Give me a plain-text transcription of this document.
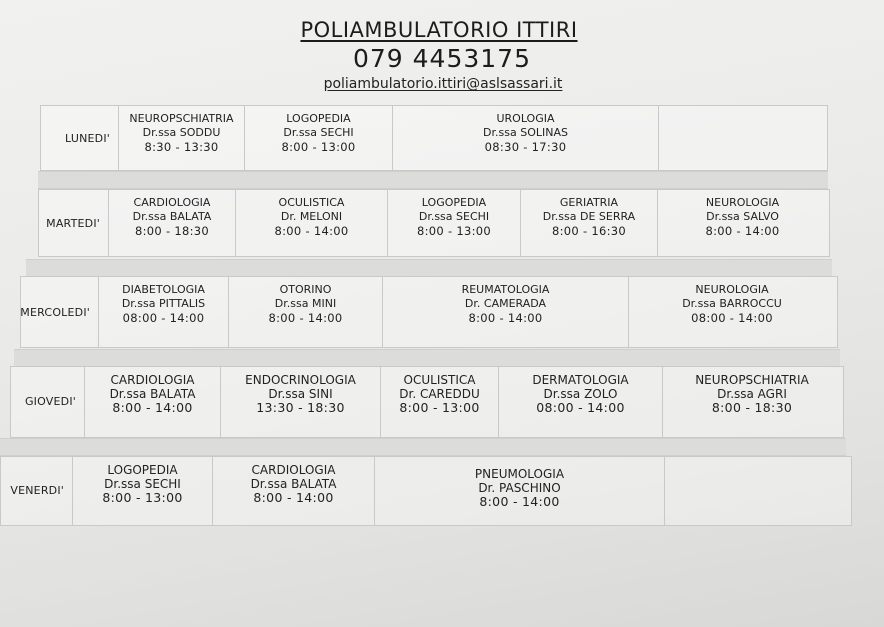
POLIAMBULATORIO ITTIRI
079 4453175
poliambulatorio.ittiri@aslsassari.it
LUNEDI'
NEUROPSCHIATRIA
Dr.ssa SODDU
8:30 - 13:30
LOGOPEDIA
Dr.ssa SECHI
8:00 - 13:00
UROLOGIA
Dr.ssa SOLINAS
08:30 - 17:30
MARTEDI'
CARDIOLOGIA
Dr.ssa BALATA
8:00 - 18:30
OCULISTICA
Dr. MELONI
8:00 - 14:00
LOGOPEDIA
Dr.ssa SECHI
8:00 - 13:00
GERIATRIA
Dr.ssa DE SERRA
8:00 - 16:30
NEUROLOGIA
Dr.ssa SALVO
8:00 - 14:00
MERCOLEDI'
DIABETOLOGIA
Dr.ssa PITTALIS
08:00 - 14:00
OTORINO
Dr.ssa MINI
8:00 - 14:00
REUMATOLOGIA
Dr. CAMERADA
8:00 - 14:00
NEUROLOGIA
Dr.ssa BARROCCU
08:00 - 14:00
GIOVEDI'
CARDIOLOGIA
Dr.ssa BALATA
8:00 - 14:00
ENDOCRINOLOGIA
Dr.ssa SINI
13:30 - 18:30
OCULISTICA
Dr. CAREDDU
8:00 - 13:00
DERMATOLOGIA
Dr.ssa ZOLO
08:00 - 14:00
NEUROPSCHIATRIA
Dr.ssa AGRI
8:00 - 18:30
VENERDI'
LOGOPEDIA
Dr.ssa SECHI
8:00 - 13:00
CARDIOLOGIA
Dr.ssa BALATA
8:00 - 14:00
PNEUMOLOGIA
Dr. PASCHINO
8:00 - 14:00
